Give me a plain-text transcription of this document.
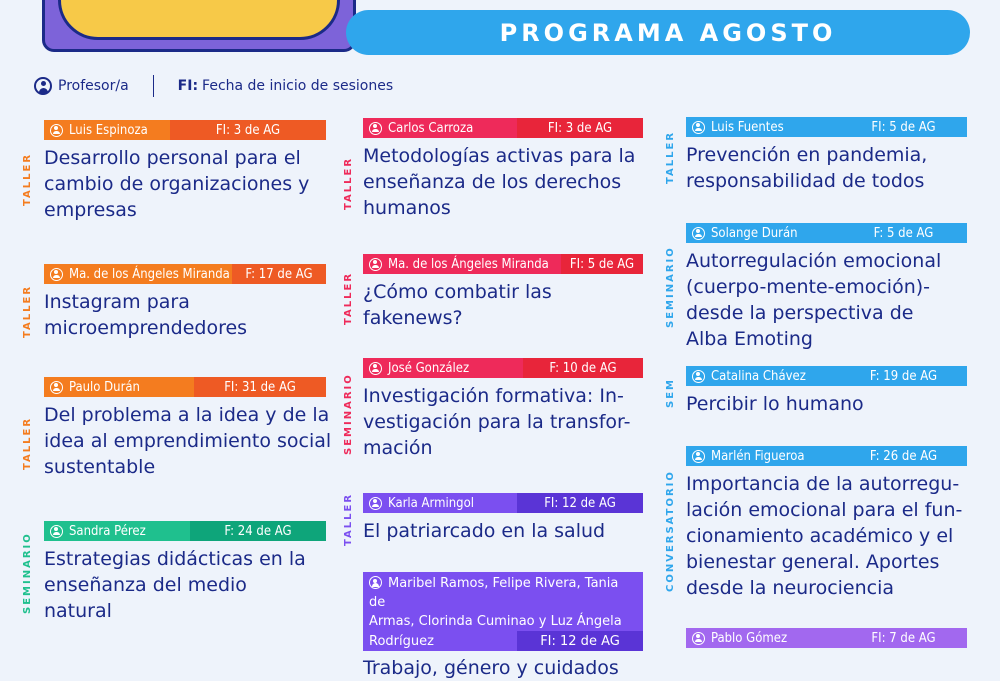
PROGRAMA AGOSTO
Profesor/a	FI: Fecha de inicio de sesiones
Luis Espinoza	FI: 3 de AG
Desarrollo personal para el cambio de organizaciones y empresas
TALLER
Ma. de los Ángeles Miranda	F: 17 de AG
Instagram para microemprendedores
TALLER
Paulo Durán	FI: 31 de AG
Del problema a la idea y de la idea al emprendimiento social sustentable
TALLER
Sandra Pérez	F: 24 de AG
Estrategias didácticas en la enseñanza del medio natural
SEMINARIO
Carlos Carroza	FI: 3 de AG
Metodologías activas para la enseñanza de los derechos humanos
TALLER
Ma. de los Ángeles Miranda	FI: 5 de AG
¿Cómo combatir las fakenews?
TALLER
José González	F: 10 de AG
Investigación formativa: In-vestigación para la transfor-mación
SEMINARIO
Karla Armingol	FI: 12 de AG
El patriarcado en la salud
TALLER
Maribel Ramos, Felipe Rivera, Tania de
Armas, Clorinda Cuminao y Luz Ángela
Rodríguez	FI: 12 de AG
Trabajo, género y cuidados
Luis Fuentes	FI: 5 de AG
Prevención en pandemia, responsabilidad de todos
TALLER
Solange Durán	F: 5 de AG
Autorregulación emocional (cuerpo-mente-emoción)-desde la perspectiva de Alba Emoting
SEMINARIO
Catalina Chávez	F: 19 de AG
Percibir lo humano
SEM
Marlén Figueroa	F: 26 de AG
Importancia de la autorregu-lación emocional para el fun-cionamiento académico y el bienestar general. Aportes desde la neurociencia
CONVERSATORIO
Pablo Gómez	FI: 7 de AG
